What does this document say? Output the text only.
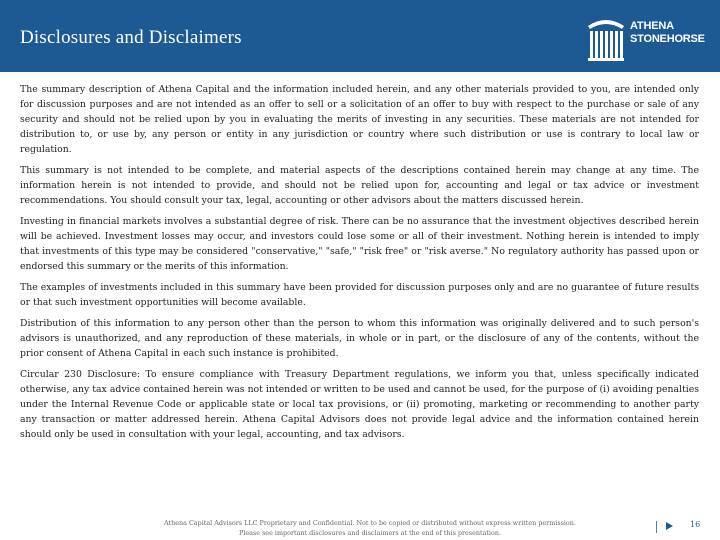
Disclosures and Disclaimers
ATHENA
STONEHORSE

The summary description of Athena Capital and the information included herein, and any other materials provided to you, are intended only for discussion purposes and are not intended as an offer to sell or a solicitation of an offer to buy with respect to the purchase or sale of any security and should not be relied upon by you in evaluating the merits of investing in any securities. These materials are not intended for distribution to, or use by, any person or entity in any jurisdiction or country where such distribution or use is contrary to local law or regulation.

This summary is not intended to be complete, and material aspects of the descriptions contained herein may change at any time. The information herein is not intended to provide, and should not be relied upon for, accounting and legal or tax advice or investment recommendations. You should consult your tax, legal, accounting or other advisors about the matters discussed herein.

Investing in financial markets involves a substantial degree of risk. There can be no assurance that the investment objectives described herein will be achieved. Investment losses may occur, and investors could lose some or all of their investment. Nothing herein is intended to imply that investments of this type may be considered "conservative," "safe," "risk free" or "risk averse." No regulatory authority has passed upon or endorsed this summary or the merits of this information.

The examples of investments included in this summary have been provided for discussion purposes only and are no guarantee of future results or that such investment opportunities will become available.

Distribution of this information to any person other than the person to whom this information was originally delivered and to such person's advisors is unauthorized, and any reproduction of these materials, in whole or in part, or the disclosure of any of the contents, without the prior consent of Athena Capital in each such instance is prohibited.

Circular 230 Disclosure: To ensure compliance with Treasury Department regulations, we inform you that, unless specifically indicated otherwise, any tax advice contained herein was not intended or written to be used and cannot be used, for the purpose of (i) avoiding penalties under the Internal Revenue Code or applicable state or local tax provisions, or (ii) promoting, marketing or recommending to another party any transaction or matter addressed herein. Athena Capital Advisors does not provide legal advice and the information contained herein should only be used in consultation with your legal, accounting, and tax advisors.

Athena Capital Advisors LLC Proprietary and Confidential. Not to be copied or distributed without express written permission.
Please see important disclosures and disclaimers at the end of this presentation.
16
